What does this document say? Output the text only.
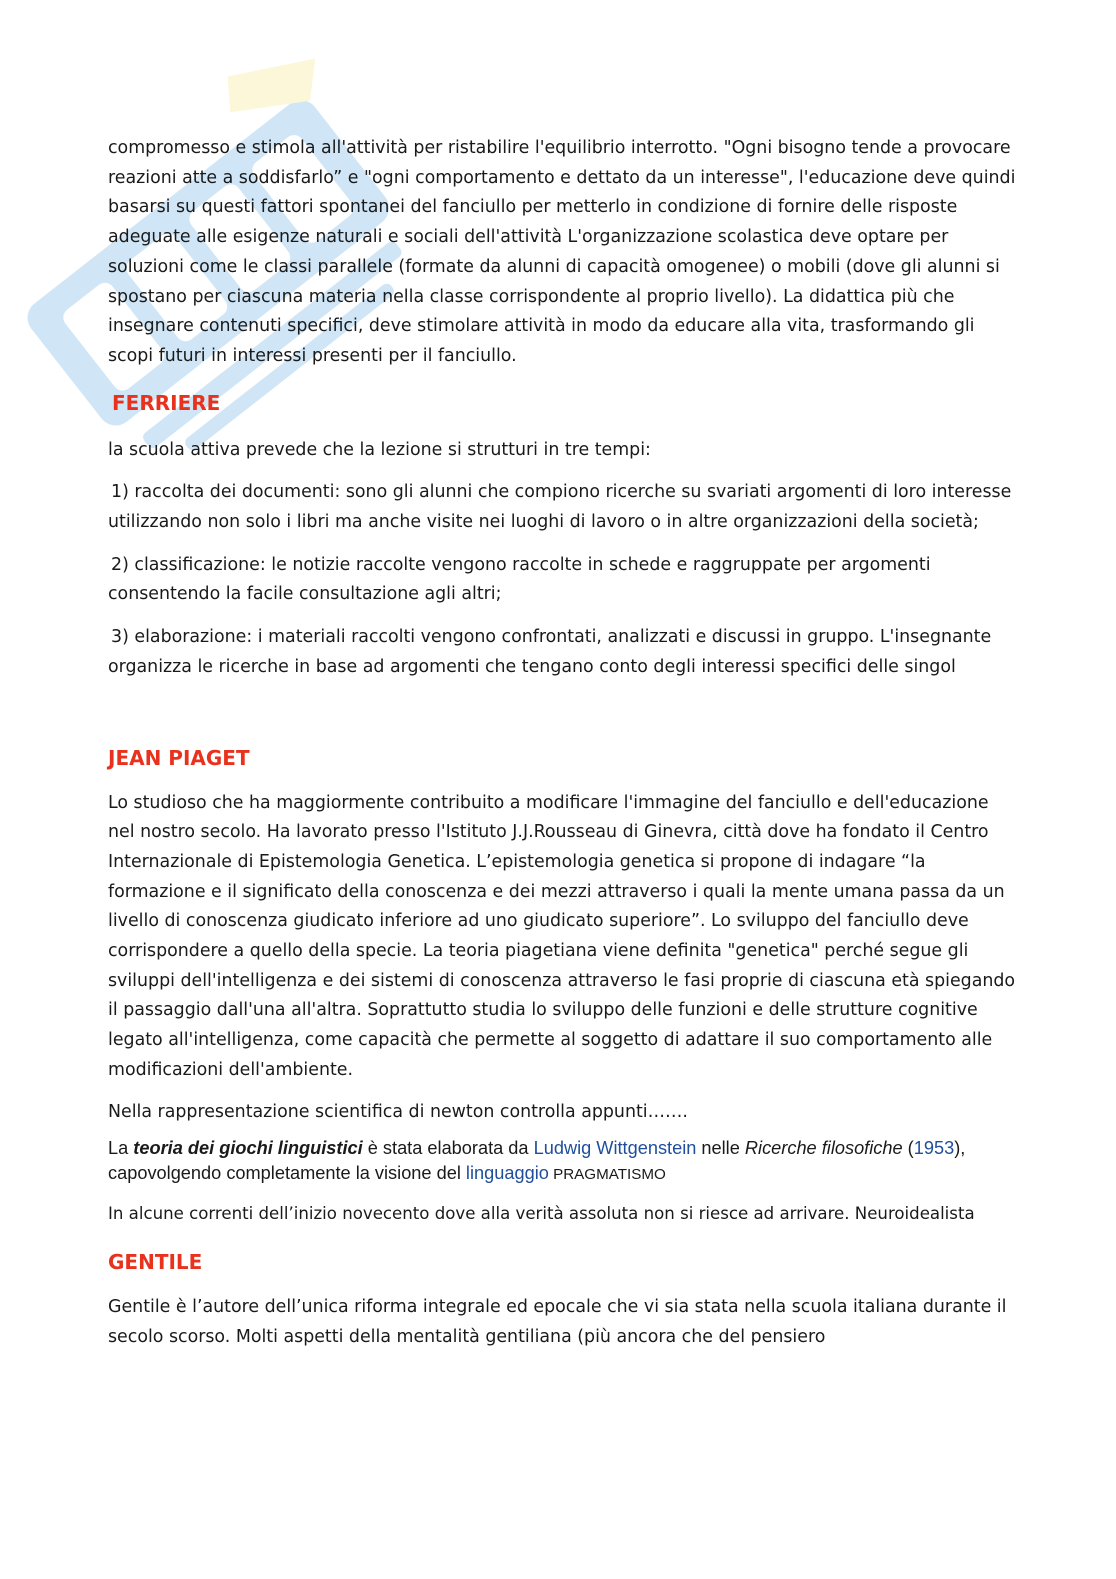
compromesso e stimola all'attività per ristabilire l'equilibrio interrotto. "Ogni bisogno tende a provocare reazioni atte a soddisfarlo” e "ogni comportamento e dettato da un interesse", l'educazione deve quindi basarsi su questi fattori spontanei del fanciullo per metterlo in condizione di fornire delle risposte adeguate alle esigenze naturali e sociali dell'attività L'organizzazione scolastica deve optare per soluzioni come le classi parallele (formate da alunni di capacità omogenee) o mobili (dove gli alunni si spostano per ciascuna materia nella classe corrispondente al proprio livello). La didattica più che insegnare contenuti specifici, deve stimolare attività in modo da educare alla vita, trasformando gli scopi futuri in interessi presenti per il fanciullo.

FERRIERE

la scuola attiva prevede che la lezione si strutturi in tre tempi:

1) raccolta dei documenti: sono gli alunni che compiono ricerche su svariati argomenti di loro interesse utilizzando non solo i libri ma anche visite nei luoghi di lavoro o in altre organizzazioni della società;

2) classificazione: le notizie raccolte vengono raccolte in schede e raggruppate per argomenti consentendo la facile consultazione agli altri;

3) elaborazione: i materiali raccolti vengono confrontati, analizzati e discussi in gruppo. L'insegnante organizza le ricerche in base ad argomenti che tengano conto degli interessi specifici delle singol

JEAN PIAGET

Lo studioso che ha maggiormente contribuito a modificare l'immagine del fanciullo e dell'educazione nel nostro secolo. Ha lavorato presso l'Istituto J.J.Rousseau di Ginevra, città dove ha fondato il Centro Internazionale di Epistemologia Genetica. L’epistemologia genetica si propone di indagare “la formazione e il significato della conoscenza e dei mezzi attraverso i quali la mente umana passa da un livello di conoscenza giudicato inferiore ad uno giudicato superiore”. Lo sviluppo del fanciullo deve corrispondere a quello della specie. La teoria piagetiana viene definita "genetica" perché segue gli sviluppi dell'intelligenza e dei sistemi di conoscenza attraverso le fasi proprie di ciascuna età spiegando il passaggio dall'una all'altra. Soprattutto studia lo sviluppo delle funzioni e delle strutture cognitive legato all'intelligenza, come capacità che permette al soggetto di adattare il suo comportamento alle modificazioni dell'ambiente.

Nella rappresentazione scientifica di newton controlla appunti…….

La teoria dei giochi linguistici è stata elaborata da Ludwig Wittgenstein nelle Ricerche filosofiche (1953), capovolgendo completamente la visione del linguaggio PRAGMATISMO

In alcune correnti dell’inizio novecento dove alla verità assoluta non si riesce ad arrivare. Neuroidealista

GENTILE

Gentile è l’autore dell’unica riforma integrale ed epocale che vi sia stata nella scuola italiana durante il secolo scorso. Molti aspetti della mentalità gentiliana (più ancora che del pensiero
